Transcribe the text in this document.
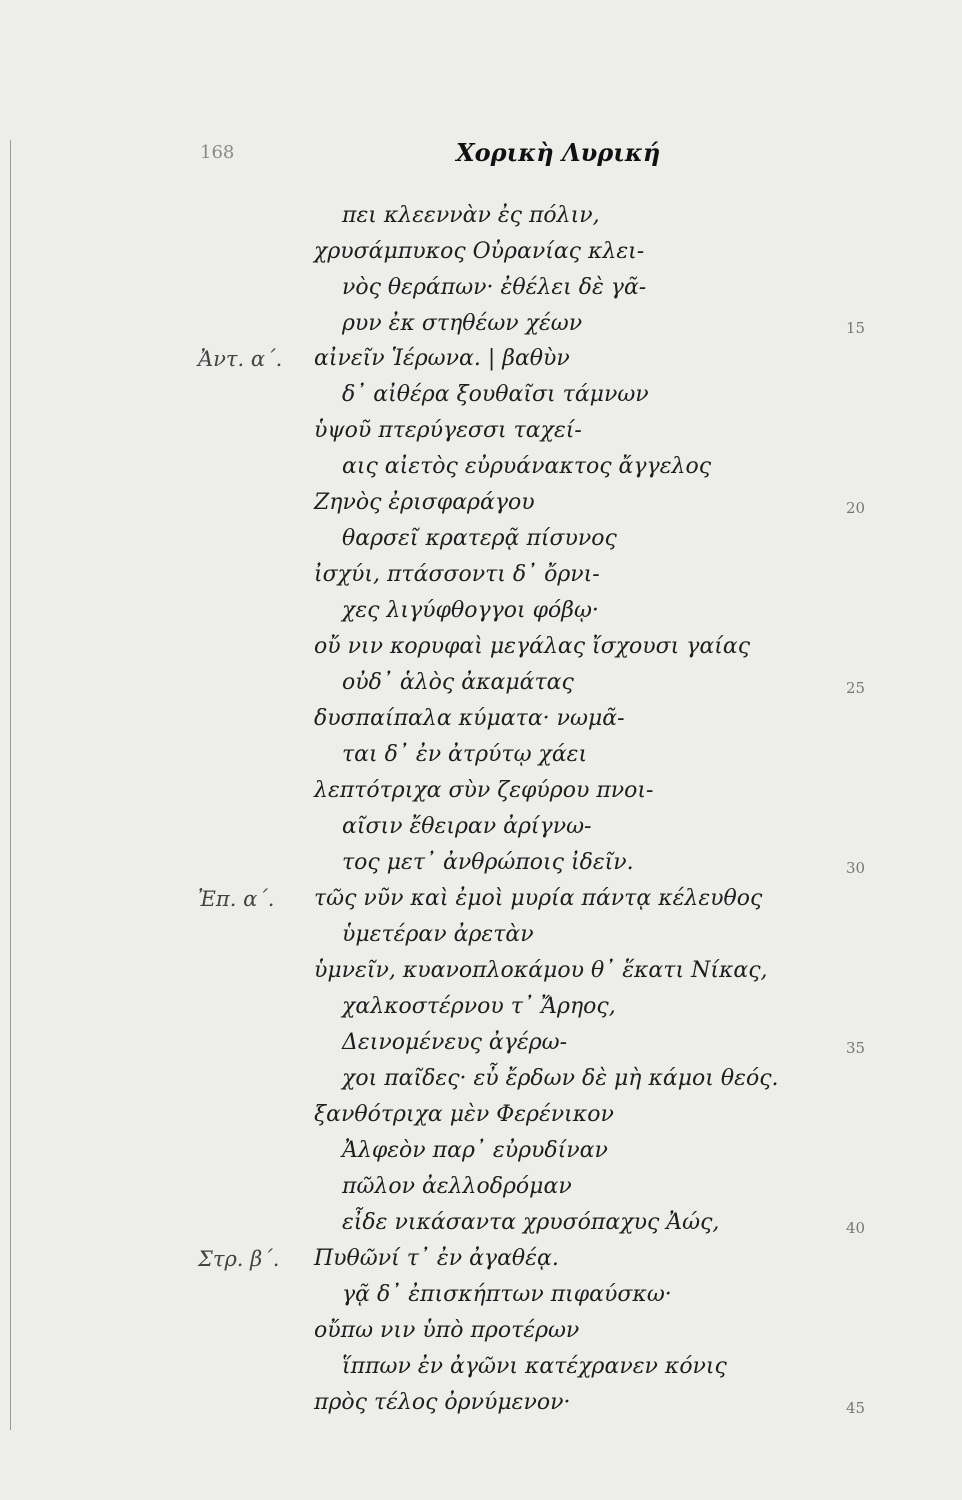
168	Χορικὴ Λυρική
πει κλεεννὰν ἐς πόλιν,
χρυσάμπυκος Οὐρανίας κλει-
νὸς θεράπων· ἐθέλει δὲ γᾶ-
ρυν ἐκ στηθέων χέων
αἰνεῖν Ἱέρωνα. | βαθὺν
δ᾽ αἰθέρα ξουθαῖσι τάμνων
ὑψοῦ πτερύγεσσι ταχεί-
αις αἰετὸς εὐρυάνακτος ἄγγελος
Ζηνὸς ἐρισφαράγου
θαρσεῖ κρατερᾷ πίσυνος
ἰσχύι, πτάσσοντι δ᾽ ὄρνι-
χες λιγύφθογγοι φόβῳ·
οὔ νιν κορυφαὶ μεγάλας ἴσχουσι γαίας
οὐδ᾽ ἁλὸς ἀκαμάτας
δυσπαίπαλα κύματα· νωμᾶ-
ται δ᾽ ἐν ἀτρύτῳ χάει
λεπτότριχα σὺν ζεφύρου πνοι-
αῖσιν ἔθειραν ἀρίγνω-
τος μετ᾽ ἀνθρώποις ἰδεῖν.
τῶς νῦν καὶ ἐμοὶ μυρία πάντᾳ κέλευθος
ὑμετέραν ἀρετὰν
ὑμνεῖν, κυανοπλοκάμου θ᾽ ἕκατι Νίκας,
χαλκοστέρνου τ᾽ Ἄρηος,
Δεινομένευς ἀγέρω-
χοι παῖδες· εὖ ἔρδων δὲ μὴ κάμοι θεός.
ξανθότριχα μὲν Φερένικον
Ἀλφεὸν παρ᾽ εὐρυδίναν
πῶλον ἀελλοδρόμαν
εἶδε νικάσαντα χρυσόπαχυς Ἀώς,
Πυθῶνί τ᾽ ἐν ἀγαθέᾳ.
γᾷ δ᾽ ἐπισκήπτων πιφαύσκω·
οὔπω νιν ὑπὸ προτέρων
ἵππων ἐν ἀγῶνι κατέχρανεν κόνις
πρὸς τέλος ὀρνύμενον·
Ἀντ. α΄.
Ἐπ. α΄.
Στρ. β΄.
15
20
25
30
35
40
45
